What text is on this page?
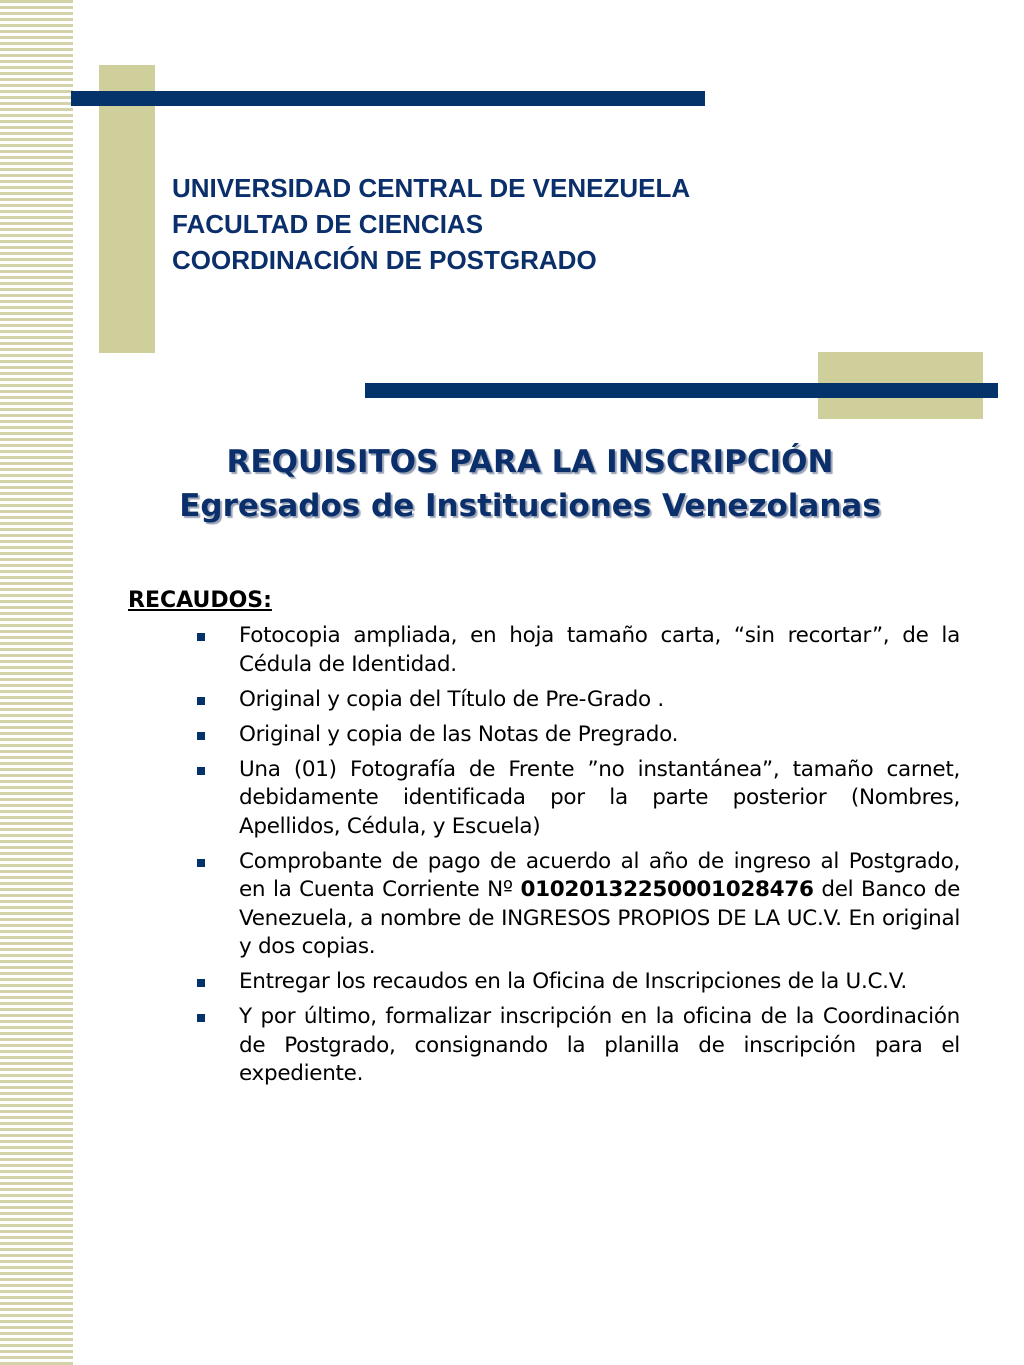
UNIVERSIDAD CENTRAL DE VENEZUELA
FACULTAD DE CIENCIAS
COORDINACIÓN DE POSTGRADO
REQUISITOS PARA LA INSCRIPCIÓN
Egresados de Instituciones Venezolanas
RECAUDOS:
Fotocopia ampliada, en hoja tamaño carta, “sin recortar”, de la Cédula de Identidad.
Original y copia del Título de Pre-Grado .
Original y copia de las Notas de Pregrado.
Una (01) Fotografía de Frente ”no instantánea”, tamaño carnet, debidamente identificada por la parte posterior (Nombres, Apellidos, Cédula, y Escuela)
Comprobante de pago de acuerdo al año de ingreso al Postgrado, en la Cuenta Corriente Nº 01020132250001028476 del Banco de Venezuela, a nombre de INGRESOS PROPIOS DE LA UC.V. En original y dos copias.
Entregar los recaudos en la Oficina de Inscripciones de la U.C.V.
Y por último, formalizar inscripción en la oficina de la Coordinación de Postgrado, consignando la planilla de inscripción para el expediente.
